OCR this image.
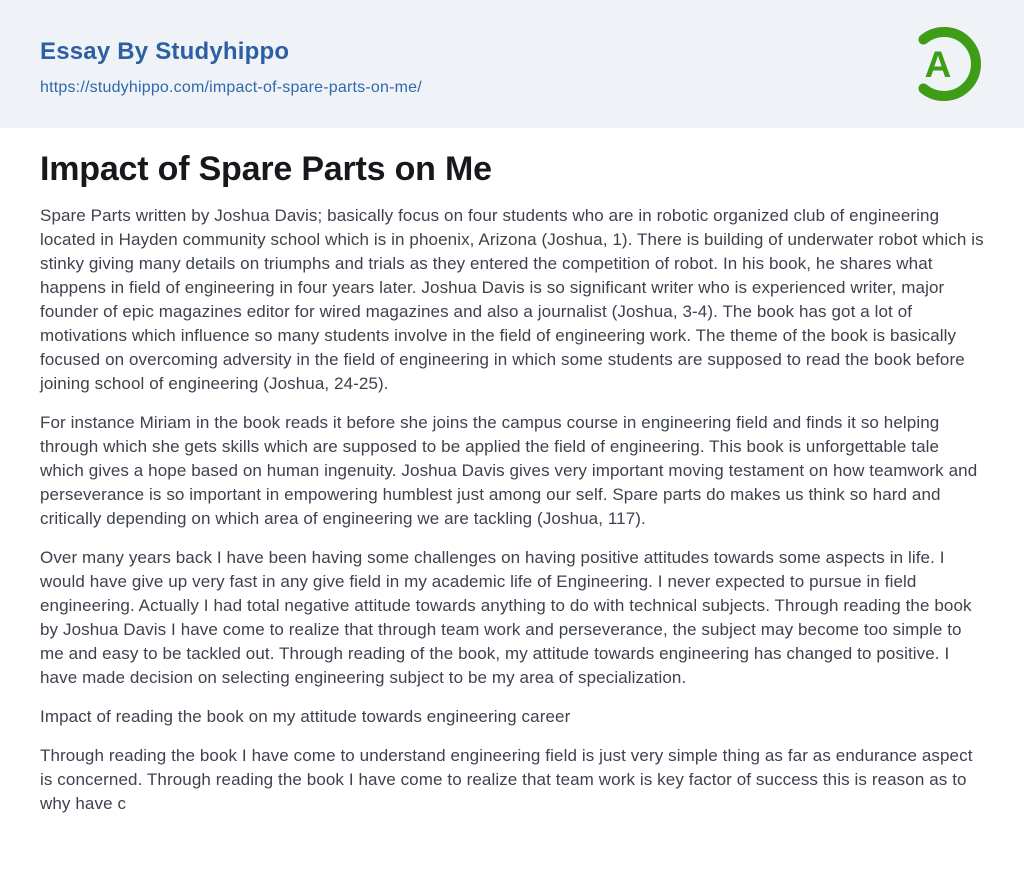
Essay By Studyhippo
https://studyhippo.com/impact-of-spare-parts-on-me/
A
Impact of Spare Parts on Me

Spare Parts written by Joshua Davis; basically focus on four students who are in robotic organized club of engineering located in Hayden community school which is in phoenix, Arizona (Joshua, 1). There is building of underwater robot which is stinky giving many details on triumphs and trials as they entered the competition of robot. In his book, he shares what happens in field of engineering in four years later. Joshua Davis is so significant writer who is experienced writer, major founder of epic magazines editor for wired magazines and also a journalist (Joshua, 3-4). The book has got a lot of motivations which influence so many students involve in the field of engineering work. The theme of the book is basically focused on overcoming adversity in the field of engineering in which some students are supposed to read the book before joining school of engineering (Joshua, 24-25).

For instance Miriam in the book reads it before she joins the campus course in engineering field and finds it so helping through which she gets skills which are supposed to be applied the field of engineering. This book is unforgettable tale which gives a hope based on human ingenuity. Joshua Davis gives very important moving testament on how teamwork and perseverance is so important in empowering humblest just among our self. Spare parts do makes us think so hard and critically depending on which area of engineering we are tackling (Joshua, 117).

Over many years back I have been having some challenges on having positive attitudes towards some aspects in life. I would have give up very fast in any give field in my academic life of Engineering. I never expected to pursue in field engineering. Actually I had total negative attitude towards anything to do with technical subjects. Through reading the book by Joshua Davis I have come to realize that through team work and perseverance, the subject may become too simple to me and easy to be tackled out. Through reading of the book, my attitude towards engineering has changed to positive. I have made decision on selecting engineering subject to be my area of specialization.

Impact of reading the book on my attitude towards engineering career

Through reading the book I have come to understand engineering field is just very simple thing as far as endurance aspect is concerned. Through reading the book I have come to realize that team work is key factor of success this is reason as to why have c
